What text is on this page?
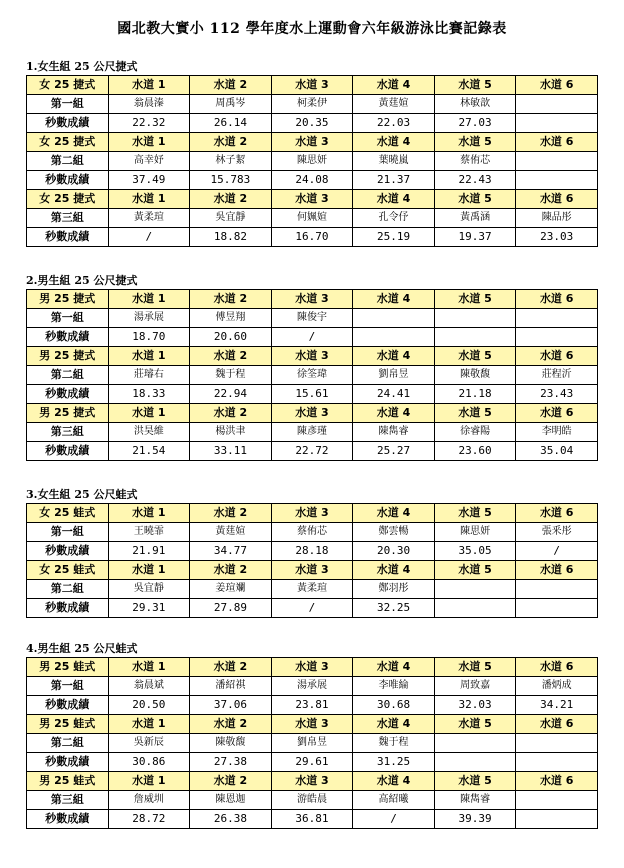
國北教大實小 112 學年度水上運動會六年級游泳比賽記錄表
1.女生組 25 公尺捷式
女 25 捷式	水道 1	水道 2	水道 3	水道 4	水道 5	水道 6
第一組	翁晨溱	周禹岑	柯柔伊	黃莛媗	林敏歆	
秒數成績	22.32	26.14	20.35	22.03	27.03	
女 25 捷式	水道 1	水道 2	水道 3	水道 4	水道 5	水道 6
第二組	高幸妤	林子絜	陳思妍	葉曉嵐	蔡侑芯	
秒數成績	37.49	15.783	24.08	21.37	22.43	
女 25 捷式	水道 1	水道 2	水道 3	水道 4	水道 5	水道 6
第三組	黃柔瑄	吳宜靜	何姵媗	孔令伃	黃禹涵	陳品彤
秒數成績	/	18.82	16.70	25.19	19.37	23.03
2.男生組 25 公尺捷式
男 25 捷式	水道 1	水道 2	水道 3	水道 4	水道 5	水道 6
第一組	湯承展	傅昱翔	陳俊宇			
秒數成績	18.70	20.60	/			
男 25 捷式	水道 1	水道 2	水道 3	水道 4	水道 5	水道 6
第二組	莊璿右	魏于程	徐筌瑋	劉帛昱	陳敬馥	莊程沂
秒數成績	18.33	22.94	15.61	24.41	21.18	23.43
男 25 捷式	水道 1	水道 2	水道 3	水道 4	水道 5	水道 6
第三組	洪昊維	楊洪聿	陳彥瑾	陳雋睿	徐睿陽	李明皓
秒數成績	21.54	33.11	22.72	25.27	23.60	35.04
3.女生組 25 公尺蛙式
女 25 蛙式	水道 1	水道 2	水道 3	水道 4	水道 5	水道 6
第一組	王曉霏	黃莛媗	蔡侑芯	鄭雲暢	陳思妍	張釆彤
秒數成績	21.91	34.77	28.18	20.30	35.05	/
女 25 蛙式	水道 1	水道 2	水道 3	水道 4	水道 5	水道 6
第二組	吳宜靜	姜瑄斕	黃柔瑄	鄭羽彤		
秒數成績	29.31	27.89	/	32.25		
4.男生組 25 公尺蛙式
男 25 蛙式	水道 1	水道 2	水道 3	水道 4	水道 5	水道 6
第一組	翁晨斌	潘紹祺	湯承展	李唯綸	周致嘉	潘炳成
秒數成績	20.50	37.06	23.81	30.68	32.03	34.21
男 25 蛙式	水道 1	水道 2	水道 3	水道 4	水道 5	水道 6
第二組	吳新辰	陳敬馥	劉帛昱	魏于程		
秒數成績	30.86	27.38	29.61	31.25		
男 25 蛙式	水道 1	水道 2	水道 3	水道 4	水道 5	水道 6
第三組	詹威圳	陳恩迦	游皓晨	高紹曦	陳雋睿	
秒數成績	28.72	26.38	36.81	/	39.39	
